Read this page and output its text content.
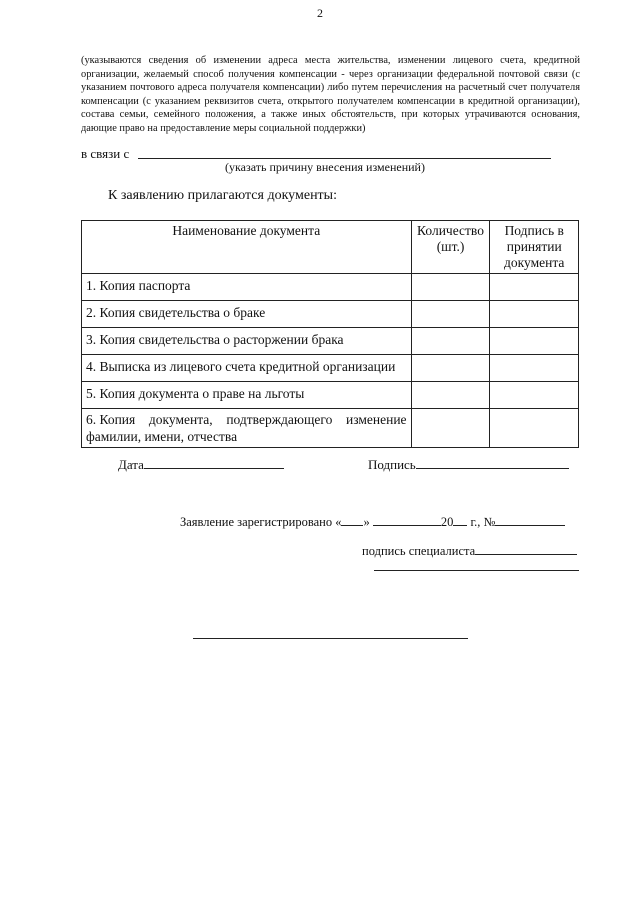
2
(указываются сведения об изменении адреса места жительства, изменении лицевого счета, кредитной организации, желаемый способ получения компенсации - через организации федеральной почтовой связи (с указанием почтового адреса получателя компенсации) либо путем перечисления на расчетный счет получателя компенсации (с указанием реквизитов счета, открытого получателем компенсации в кредитной организации), состава семьи, семейного положения, а также иных обстоятельств, при которых утрачиваются основания, дающие право на предоставление меры социальной поддержки)
в связи с
(указать причину внесения изменений)
К заявлению прилагаются документы:
Наименование документа	Количество (шт.)	Подпись в принятии документа
1. Копия паспорта		
2. Копия свидетельства о браке		
3. Копия свидетельства о расторжении брака		
4. Выписка из лицевого счета кредитной организации		
5. Копия документа о праве на льготы		

6. Копия документа, подтверждающего изменение
фамилии, имени, отчества		

Дата	Подпись
Заявление зарегистрировано « »	20 г., №
подпись специалиста
